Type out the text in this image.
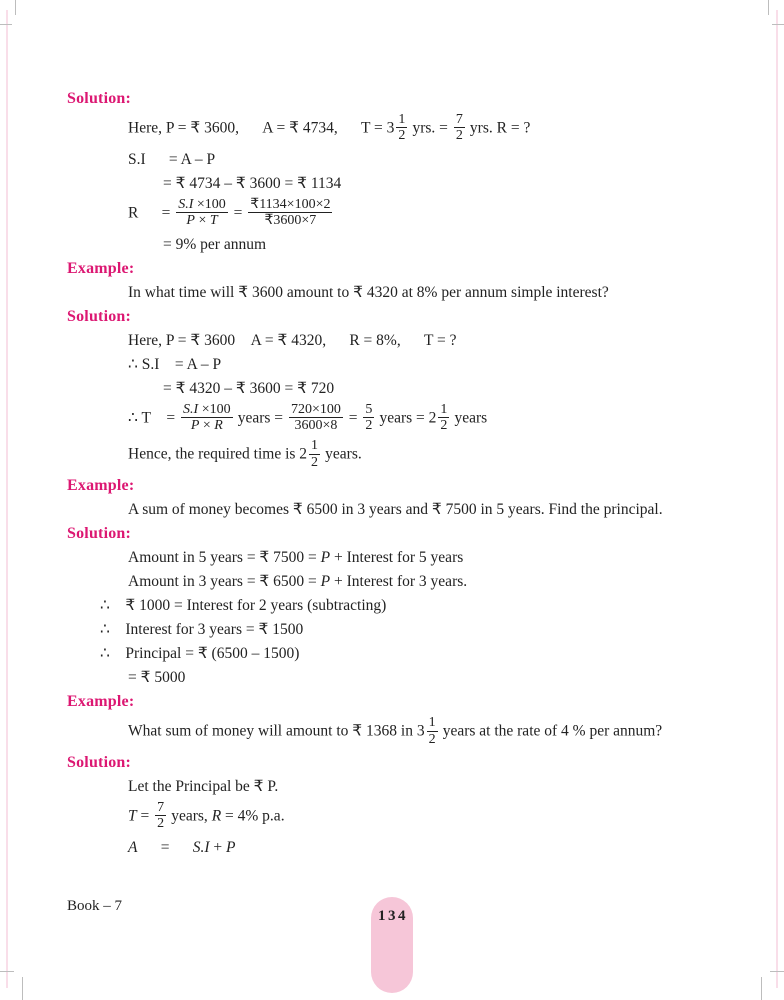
Solution:
Here, P = ₹ 3600,   A = ₹ 4734,   $T = 3 \frac{1}{2}$  yrs. = $\frac{7}{2}$  yrs. R = ?
S.I   = A – P
= ₹ 4734 – ₹ 3600 = ₹ 1134
R  = $\frac{S.I \times 100}{P \times T} = \frac{₹1134\times 100\times 2}{₹3600\times 7}$
= 9% per annum
Example:
In what time will ₹ 3600 amount to ₹ 4320 at 8% per annum simple interest?
Solution:
Here, P = ₹ 3600  A = ₹ 4320,   R = 8%,   T = ?
∴ S.I  = A – P
= ₹ 4320 – ₹ 3600 = ₹ 720
∴ T  = $\frac{S.I \times 100}{P \times R}$  years = $\frac{720\times 100}{3600\times 8} = \frac{5}{2}$  years = $2 \frac{1}{2}$  years
Hence, the required time is $2 \frac{1}{2}$  years.
Example:
A sum of money becomes ₹ 6500 in 3 years and ₹ 7500 in 5 years. Find the principal.
Solution:
Amount in 5 years = ₹ 7500 = P + Interest for 5 years
Amount in 3 years = ₹ 6500 = P + Interest for 3 years.
∴  ₹ 1000 = Interest for 2 years (subtracting)
∴  Interest for 3 years = ₹ 1500
∴  Principal = ₹ (6500 – 1500)
= ₹ 5000
Example:
What sum of money will amount to ₹ 1368 in $3 \frac{1}{2}$  years at the rate of 4 % per annum?
Solution:
Let the Principal be ₹ P.
$T = \frac{7}{2}$  years, R = 4% p.a.
A  =  S.I + P
Book – 7
134
